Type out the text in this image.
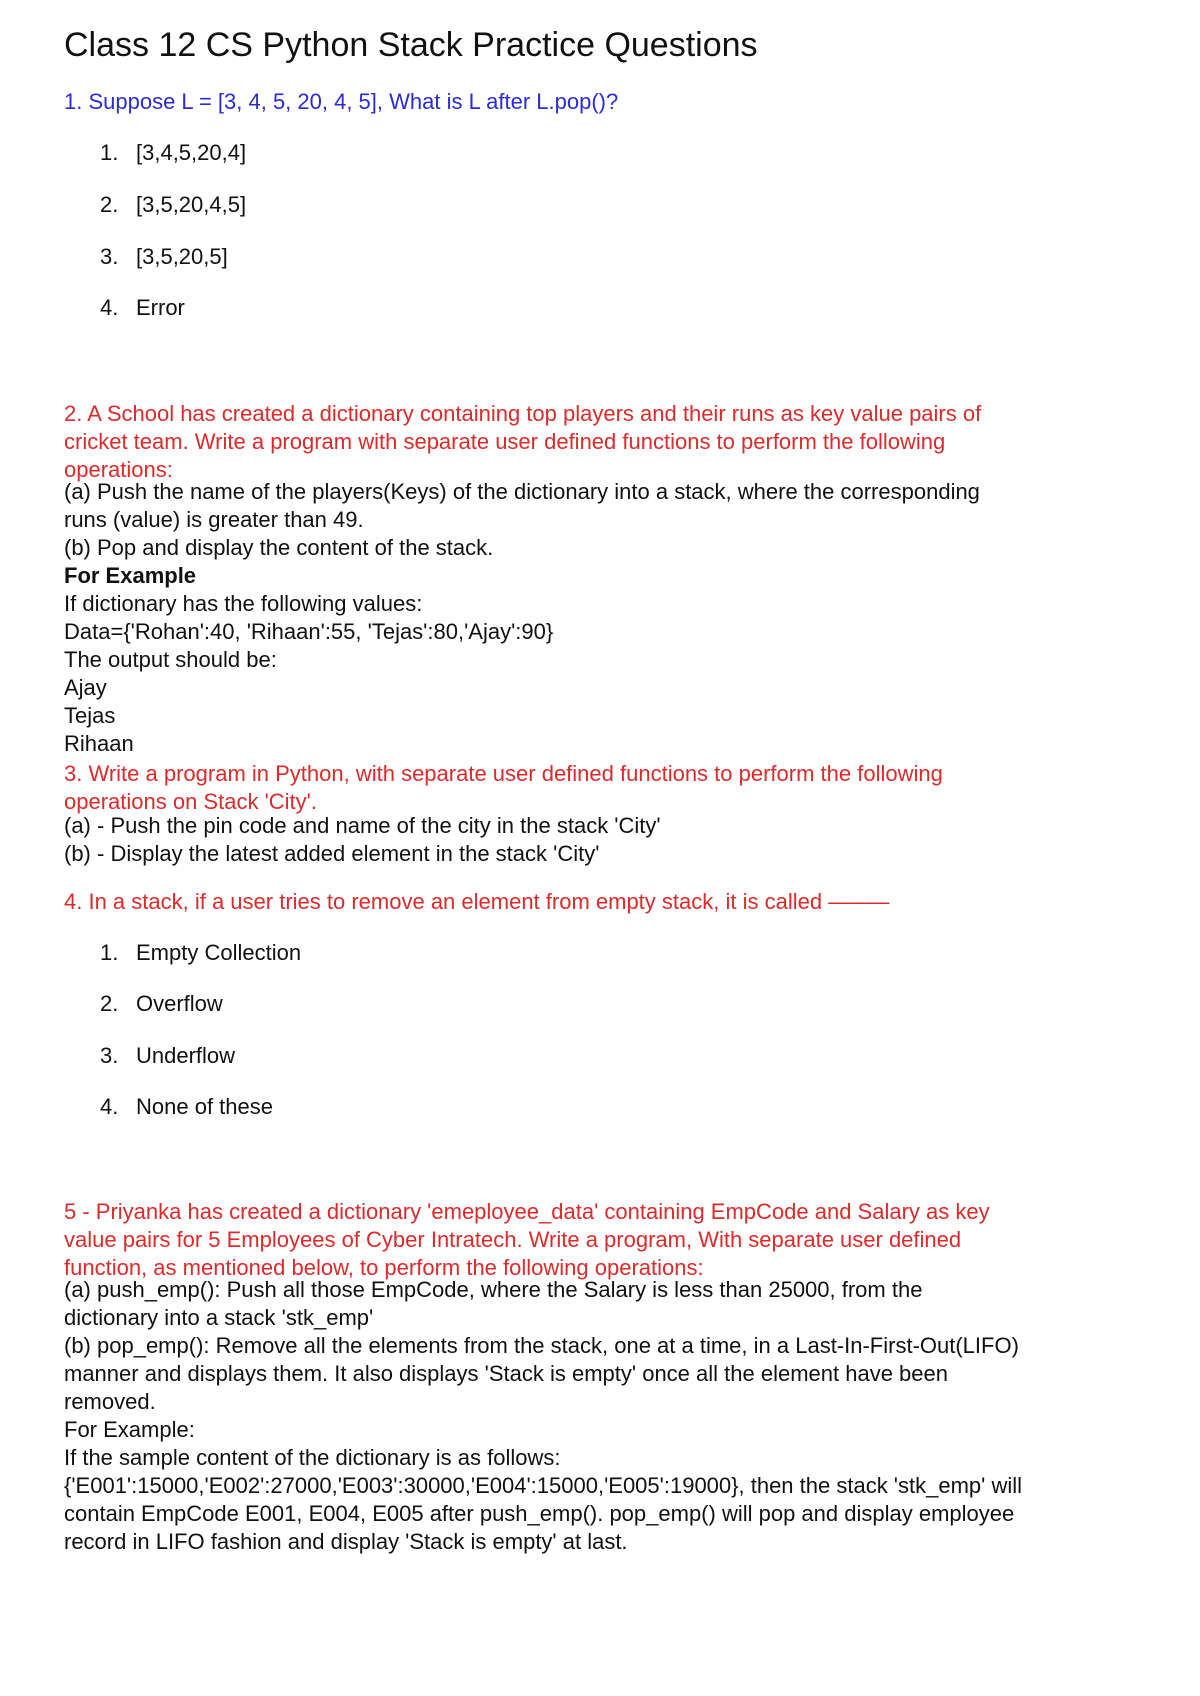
Class 12 CS Python Stack Practice Questions
1. Suppose L = [3, 4, 5, 20, 4, 5], What is L after L.pop()?
1. [3,4,5,20,4]
2. [3,5,20,4,5]
3. [3,5,20,5]
4. Error
2. A School has created a dictionary containing top players and their runs as key value pairs of
cricket team. Write a program with separate user defined functions to perform the following
operations:
(a) Push the name of the players(Keys) of the dictionary into a stack, where the corresponding
runs (value) is greater than 49.
(b) Pop and display the content of the stack.
For Example
If dictionary has the following values:
Data={'Rohan':40, 'Rihaan':55, 'Tejas':80,'Ajay':90}
The output should be:
Ajay
Tejas
Rihaan
3. Write a program in Python, with separate user defined functions to perform the following
operations on Stack 'City'.
(a) - Push the pin code and name of the city in the stack 'City'
(b) - Display the latest added element in the stack 'City'
4. In a stack, if a user tries to remove an element from empty stack, it is called –––––
1. Empty Collection
2. Overflow
3. Underflow
4. None of these
5 - Priyanka has created a dictionary 'emeployee_data' containing EmpCode and Salary as key
value pairs for 5 Employees of Cyber Intratech. Write a program, With separate user defined
function, as mentioned below, to perform the following operations:
(a) push_emp(): Push all those EmpCode, where the Salary is less than 25000, from the
dictionary into a stack 'stk_emp'
(b) pop_emp(): Remove all the elements from the stack, one at a time, in a Last-In-First-Out(LIFO)
manner and displays them. It also displays 'Stack is empty' once all the element have been
removed.
For Example:
If the sample content of the dictionary is as follows:
{'E001':15000,'E002':27000,'E003':30000,'E004':15000,'E005':19000}, then the stack 'stk_emp' will
contain EmpCode E001, E004, E005 after push_emp(). pop_emp() will pop and display employee
record in LIFO fashion and display 'Stack is empty' at last.
